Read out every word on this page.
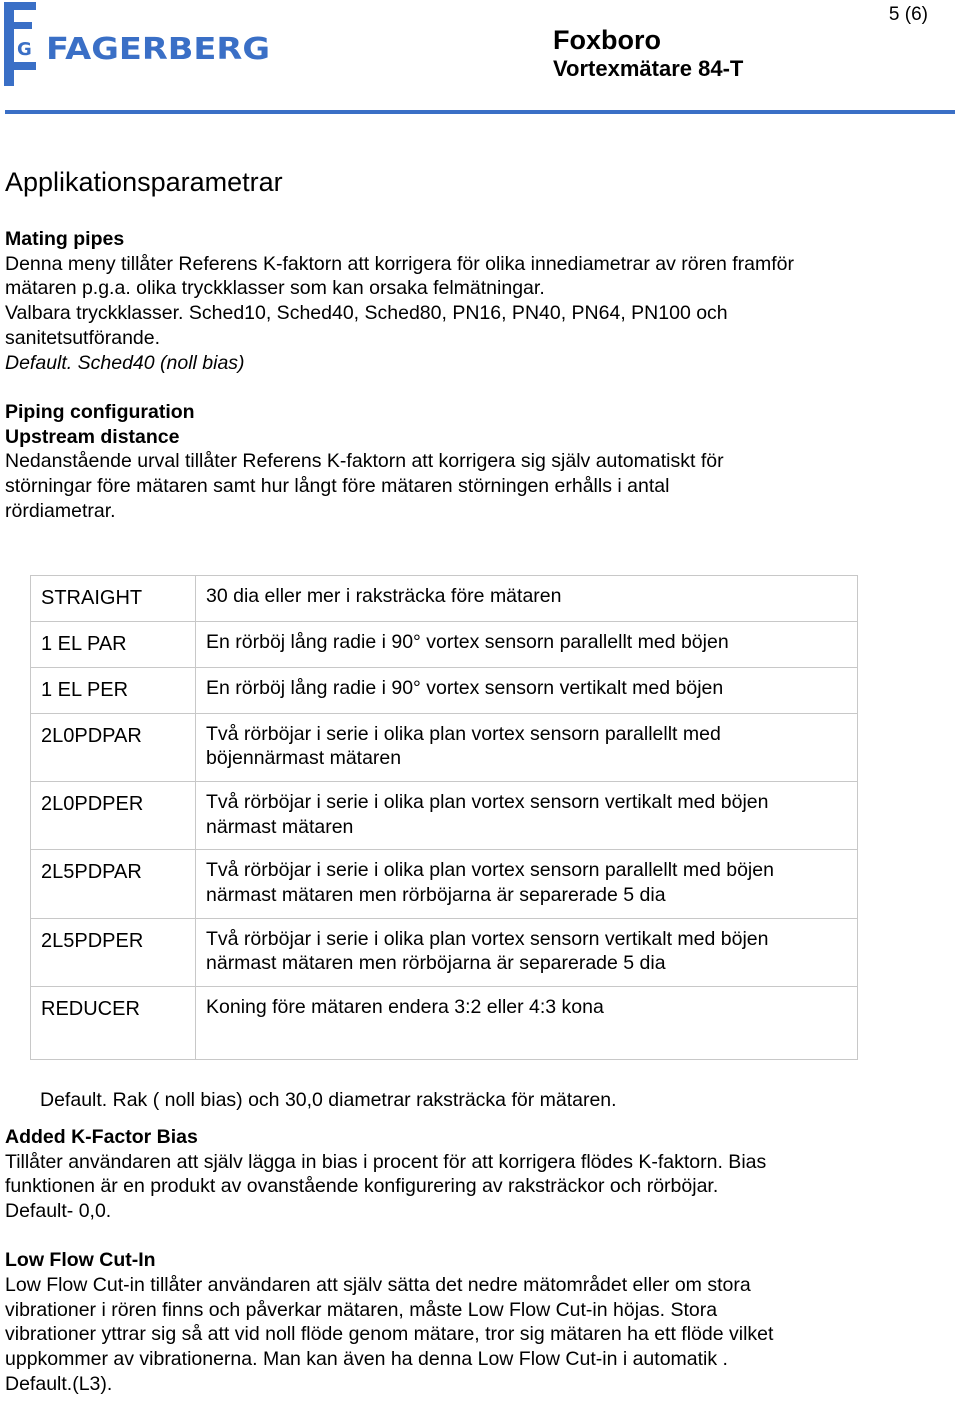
5 (6)
G FAGERBERG	Foxboro
Vortexmätare 84-T
Applikationsparametrar
Mating pipes
Denna meny tillåter Referens K-faktorn att korrigera för olika innediametrar av rören framför
mätaren p.g.a. olika tryckklasser som kan orsaka felmätningar.
Valbara tryckklasser. Sched10, Sched40, Sched80, PN16, PN40, PN64, PN100 och
sanitetsutförande.
Default. Sched40 (noll bias)
Piping configuration
Upstream distance
Nedanstående urval tillåter Referens K-faktorn att korrigera sig själv automatiskt för
störningar före mätaren samt hur långt före mätaren störningen erhålls i antal
rördiametrar.
STRAIGHT	30 dia eller mer i raksträcka före mätaren

1 EL PAR	En rörböj lång radie i 90° vortex sensorn parallellt med böjen

1 EL PER	En rörböj lång radie i 90° vortex sensorn vertikalt med böjen

2L0PDPAR	Två rörböjar i serie i olika plan vortex sensorn parallellt med
böjennärmast mätaren

2L0PDPER	Två rörböjar i serie i olika plan vortex sensorn vertikalt med böjen
närmast mätaren

2L5PDPAR	Två rörböjar i serie i olika plan vortex sensorn parallellt med böjen
närmast mätaren men rörböjarna är separerade 5 dia

2L5PDPER	Två rörböjar i serie i olika plan vortex sensorn vertikalt med böjen
närmast mätaren men rörböjarna är separerade 5 dia

REDUCER	Koning före mätaren endera 3:2 eller 4:3 kona
Default. Rak ( noll bias) och 30,0 diametrar raksträcka för mätaren.
Added K-Factor Bias
Tillåter användaren att själv lägga in bias i procent för att korrigera flödes K-faktorn. Bias
funktionen är en produkt av ovanstående konfigurering av raksträckor och rörböjar.
Default- 0,0.
Low Flow Cut-In
Low Flow Cut-in tillåter användaren att själv sätta det nedre mätområdet eller om stora
vibrationer i rören finns och påverkar mätaren, måste Low Flow Cut-in höjas. Stora
vibrationer yttrar sig så att vid noll flöde genom mätare, tror sig mätaren ha ett flöde vilket
uppkommer av vibrationerna. Man kan även ha denna Low Flow Cut-in i automatik .
Default.(L3).
